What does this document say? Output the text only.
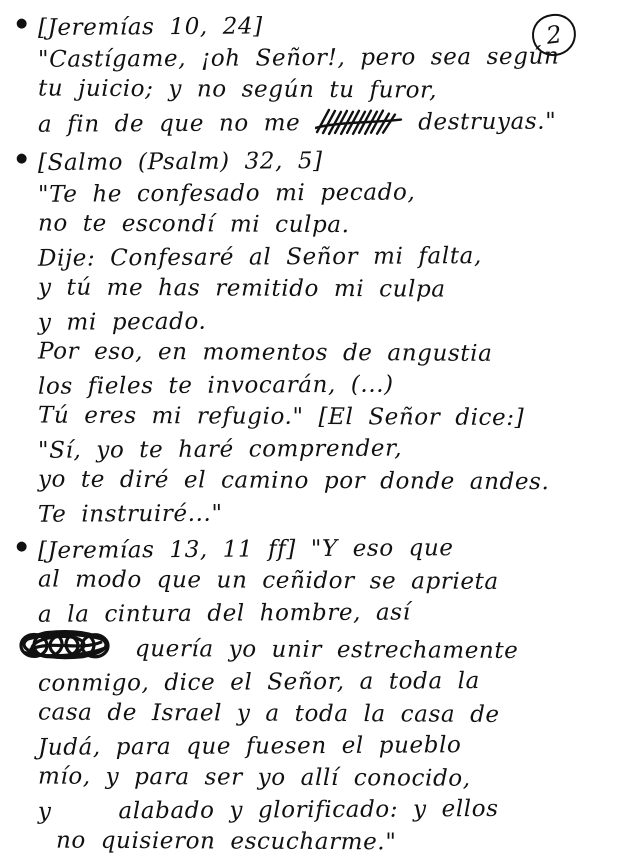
2
● [Jeremías 10, 24]
"Castígame, ¡oh Señor!, pero sea según
tu juicio; y no según tu furor,
a fin de que no me	destruyas."
● [Salmo (Psalm) 32, 5]
"Te he confesado mi pecado,
no te escondí mi culpa.
Dije: Confesaré al Señor mi falta,
y tú me has remitido mi culpa
y mi pecado.
Por eso, en momentos de angustia
los fieles te invocarán, (...)
Tú eres mi refugio." [El Señor dice:]
"Sí, yo te haré comprender,
yo te diré el camino por donde andes.
Te instruiré..."
● [Jeremías 13, 11 ff] "Y eso que
al modo que un ceñidor se aprieta
a la cintura del hombre, así
quería yo unir estrechamente
conmigo, dice el Señor, a toda la
casa de Israel y a toda la casa de
Judá, para que fuesen el pueblo
mío, y para ser yo allí conocido,
y	alabado y glorificado: y ellos
no quisieron escucharme."
